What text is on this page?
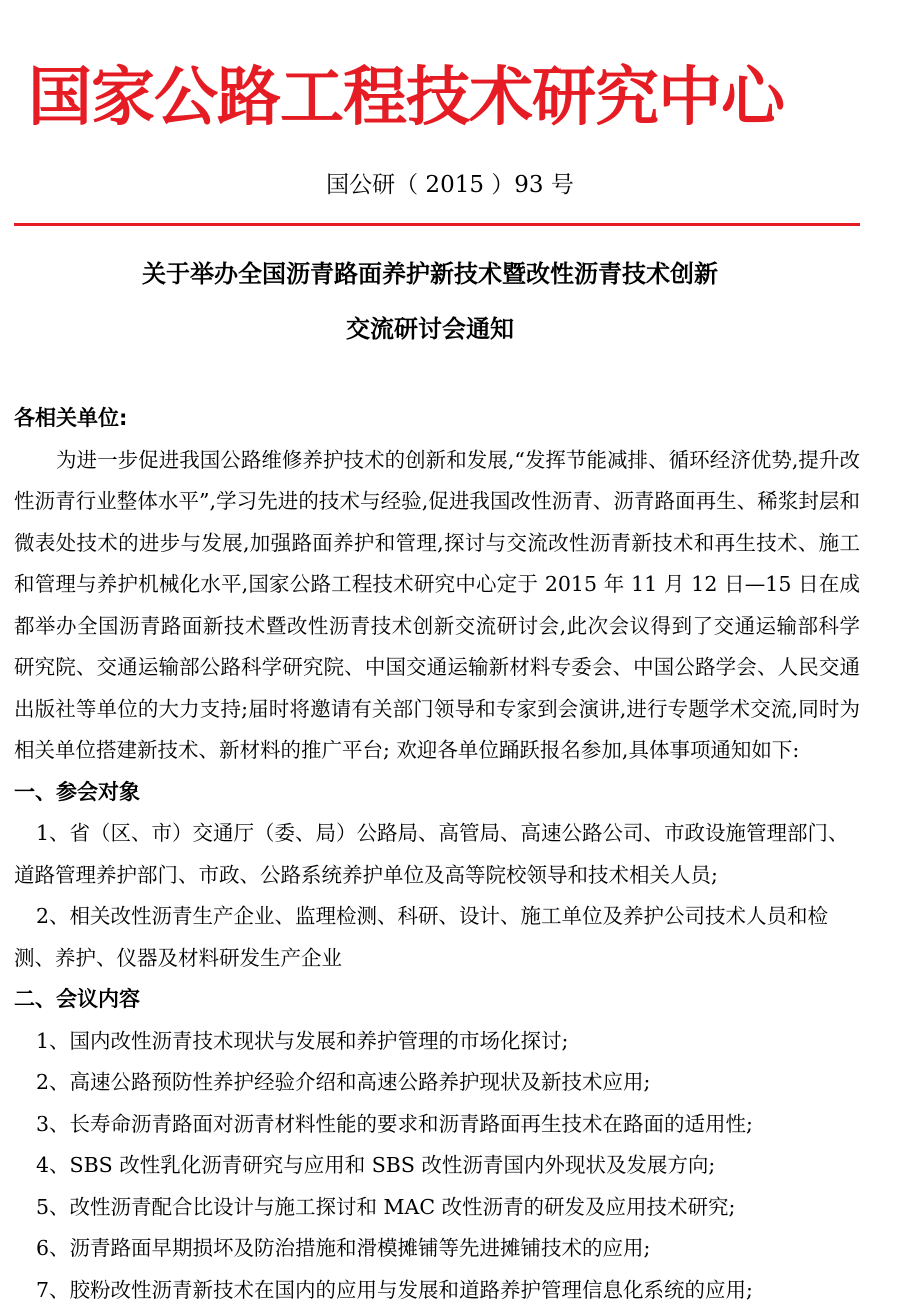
国家公路工程技术研究中心
国公研（ 2015 ）93 号
关于举办全国沥青路面养护新技术暨改性沥青技术创新
交流研讨会通知

各相关单位:

为进一步促进我国公路维修养护技术的创新和发展,“发挥节能减排、循环经济优势,提升改性沥青行业整体水平”,学习先进的技术与经验,促进我国改性沥青、沥青路面再生、稀浆封层和微表处技术的进步与发展,加强路面养护和管理,探讨与交流改性沥青新技术和再生技术、施工和管理与养护机械化水平,国家公路工程技术研究中心定于 2015 年 11 月 12 日—15 日在成都举办全国沥青路面新技术暨改性沥青技术创新交流研讨会,此次会议得到了交通运输部科学研究院、交通运输部公路科学研究院、中国交通运输新材料专委会、中国公路学会、人民交通出版社等单位的大力支持;届时将邀请有关部门领导和专家到会演讲,进行专题学术交流,同时为相关单位搭建新技术、新材料的推广平台; 欢迎各单位踊跃报名参加,具体事项通知如下:

一、参会对象

1、省（区、市）交通厅（委、局）公路局、高管局、高速公路公司、市政设施管理部门、道路管理养护部门、市政、公路系统养护单位及高等院校领导和技术相关人员;

2、相关改性沥青生产企业、监理检测、科研、设计、施工单位及养护公司技术人员和检测、养护、仪器及材料研发生产企业

二、会议内容

1、国内改性沥青技术现状与发展和养护管理的市场化探讨;

2、高速公路预防性养护经验介绍和高速公路养护现状及新技术应用;

3、长寿命沥青路面对沥青材料性能的要求和沥青路面再生技术在路面的适用性;

4、SBS 改性乳化沥青研究与应用和 SBS 改性沥青国内外现状及发展方向;

5、改性沥青配合比设计与施工探讨和 MAC 改性沥青的研发及应用技术研究;

6、沥青路面早期损坏及防治措施和滑模摊铺等先进摊铺技术的应用;

7、胶粉改性沥青新技术在国内的应用与发展和道路养护管理信息化系统的应用;
